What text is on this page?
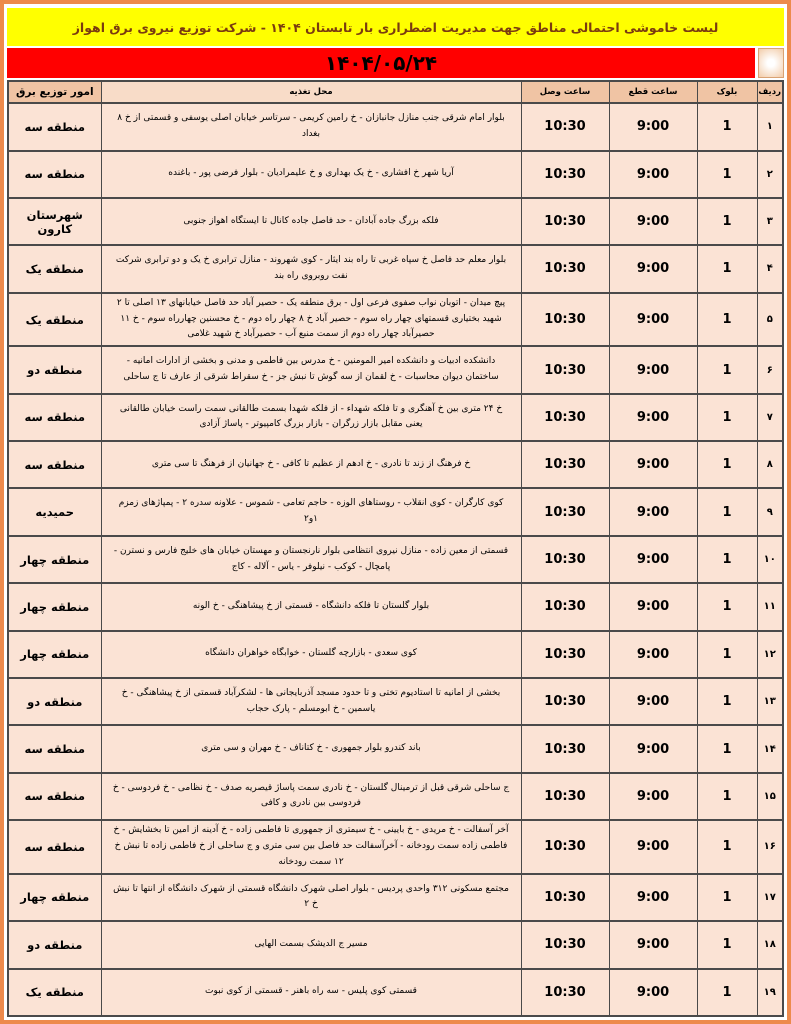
لیست خاموشی احتمالی مناطق جهت مدیریت اضطراری بار تابستان ۱۴۰۴ - شرکت توزیع نیروی برق اهواز
۱۴۰۴/۰۵/۲۴
ردیف	بلوک	ساعت قطع	ساعت وصل	محل تغذیه	امور توزیع برق
۱	1	9:00	10:30	بلوار امام شرقی جنب منازل جانبازان - خ رامین کریمی - سرتاسر خیابان اصلی یوسفی و قسمتی از خ ۸ بغداد	منطقه سه
۲	1	9:00	10:30	آریا شهر خ افشاری - خ یک بهداری و خ علیمرادیان - بلوار فرضی پور - باغنده	منطقه سه
۳	1	9:00	10:30	فلکه بزرگ جاده آبادان - حد فاصل جاده کانال تا ایستگاه اهواز جنوبی	شهرستان کارون
۴	1	9:00	10:30	بلوار معلم حد فاصل خ سپاه غربی تا راه بند ایثار - کوی شهروند - منازل ترابری خ یک و دو ترابری شرکت نفت روبروی راه بند	منطقه یک
۵	1	9:00	10:30	پیچ میدان - اتوبان نواب صفوی فرعی اول - برق منطقه یک - حصیر آباد حد فاصل خیابانهای ۱۳ اصلی تا ۲ شهید بختیاری قسمتهای چهار راه سوم - حصیر آباد خ ۸ چهار راه دوم - خ محسنین چهارراه سوم - خ ۱۱ حصیرآباد چهار راه دوم از سمت منبع آب - حصیرآباد خ شهید غلامی	منطقه یک
۶	1	9:00	10:30	دانشکده ادبیات و دانشکده امیر المومنین - خ مدرس بین فاطمی و مدنی و بخشی از ادارات امانیه - ساختمان دیوان محاسبات - خ لقمان از سه گوش تا نبش جز - خ سقراط شرقی از عارف تا ج ساحلی	منطقه دو
۷	1	9:00	10:30	خ ۲۴ متری بین خ آهنگری و تا فلکه شهداء - از فلکه شهدا بسمت طالقانی سمت راست خیابان طالقانی یعنی مقابل بازار زرگران - بازار بزرگ کامپیوتر - پاساژ آزادی	منطقه سه
۸	1	9:00	10:30	خ فرهنگ از زند تا نادری - خ ادهم از عظیم تا کافی - خ جهانیان از فرهنگ تا سی متری	منطقه سه
۹	1	9:00	10:30	کوی کارگران - کوی انقلاب - روستاهای الوزه - حاجم تعامی - شموس - علاونه سدره ۲ - پمپاژهای زمزم ۱و۲	حمیدیه
۱۰	1	9:00	10:30	قسمتی از معین زاده - منازل نیروی انتظامی بلوار نارنجستان و مهستان خیابان های خلیج فارس و نسترن - پامچال - کوکب - نیلوفر - یاس - آلاله - کاج	منطقه چهار
۱۱	1	9:00	10:30	بلوار گلستان تا فلکه دانشگاه - قسمتی از خ پیشاهنگی - خ الونه	منطقه چهار
۱۲	1	9:00	10:30	کوی سعدی - بازارچه گلستان - خوابگاه خواهران دانشگاه	منطقه چهار
۱۳	1	9:00	10:30	بخشی از امانیه تا استادیوم تختی و تا حدود مسجد آذربایجانی ها - لشکرآباد قسمتی از خ پیشاهنگی - خ یاسمین - خ ابومسلم - پارک حجاب	منطقه دو
۱۴	1	9:00	10:30	باند کندرو بلوار جمهوری - خ کتاناف - خ مهران و سی متری	منطقه سه
۱۵	1	9:00	10:30	ج ساحلی شرقی قبل از ترمینال گلستان - خ نادری سمت پاساژ قیصریه صدف - خ نظامی - خ فردوسی - خ فردوسی بین نادری و کافی	منطقه سه
۱۶	1	9:00	10:30	آخر آسفالت - خ مریدی - خ بایینی - خ سیمتری از جمهوری تا فاطمی زاده - خ آدینه از امین تا بخشایش - خ فاطمی زاده سمت رودخانه - آخرآسفالت حد فاصل بین سی متری و ج ساحلی از خ فاطمی زاده تا نبش خ ۱۲ سمت رودخانه	منطقه سه
۱۷	1	9:00	10:30	مجتمع مسکونی ۳۱۲ واحدی پردیس - بلوار اصلی شهرک دانشگاه قسمتی از شهرک دانشگاه از انتها تا نبش خ ۲	منطقه چهار
۱۸	1	9:00	10:30	مسیر ج الدیشک بسمت الهایی	منطقه دو
۱۹	1	9:00	10:30	قسمتی کوی پلیس - سه راه باهنر - قسمتی از کوی نبوت	منطقه یک
